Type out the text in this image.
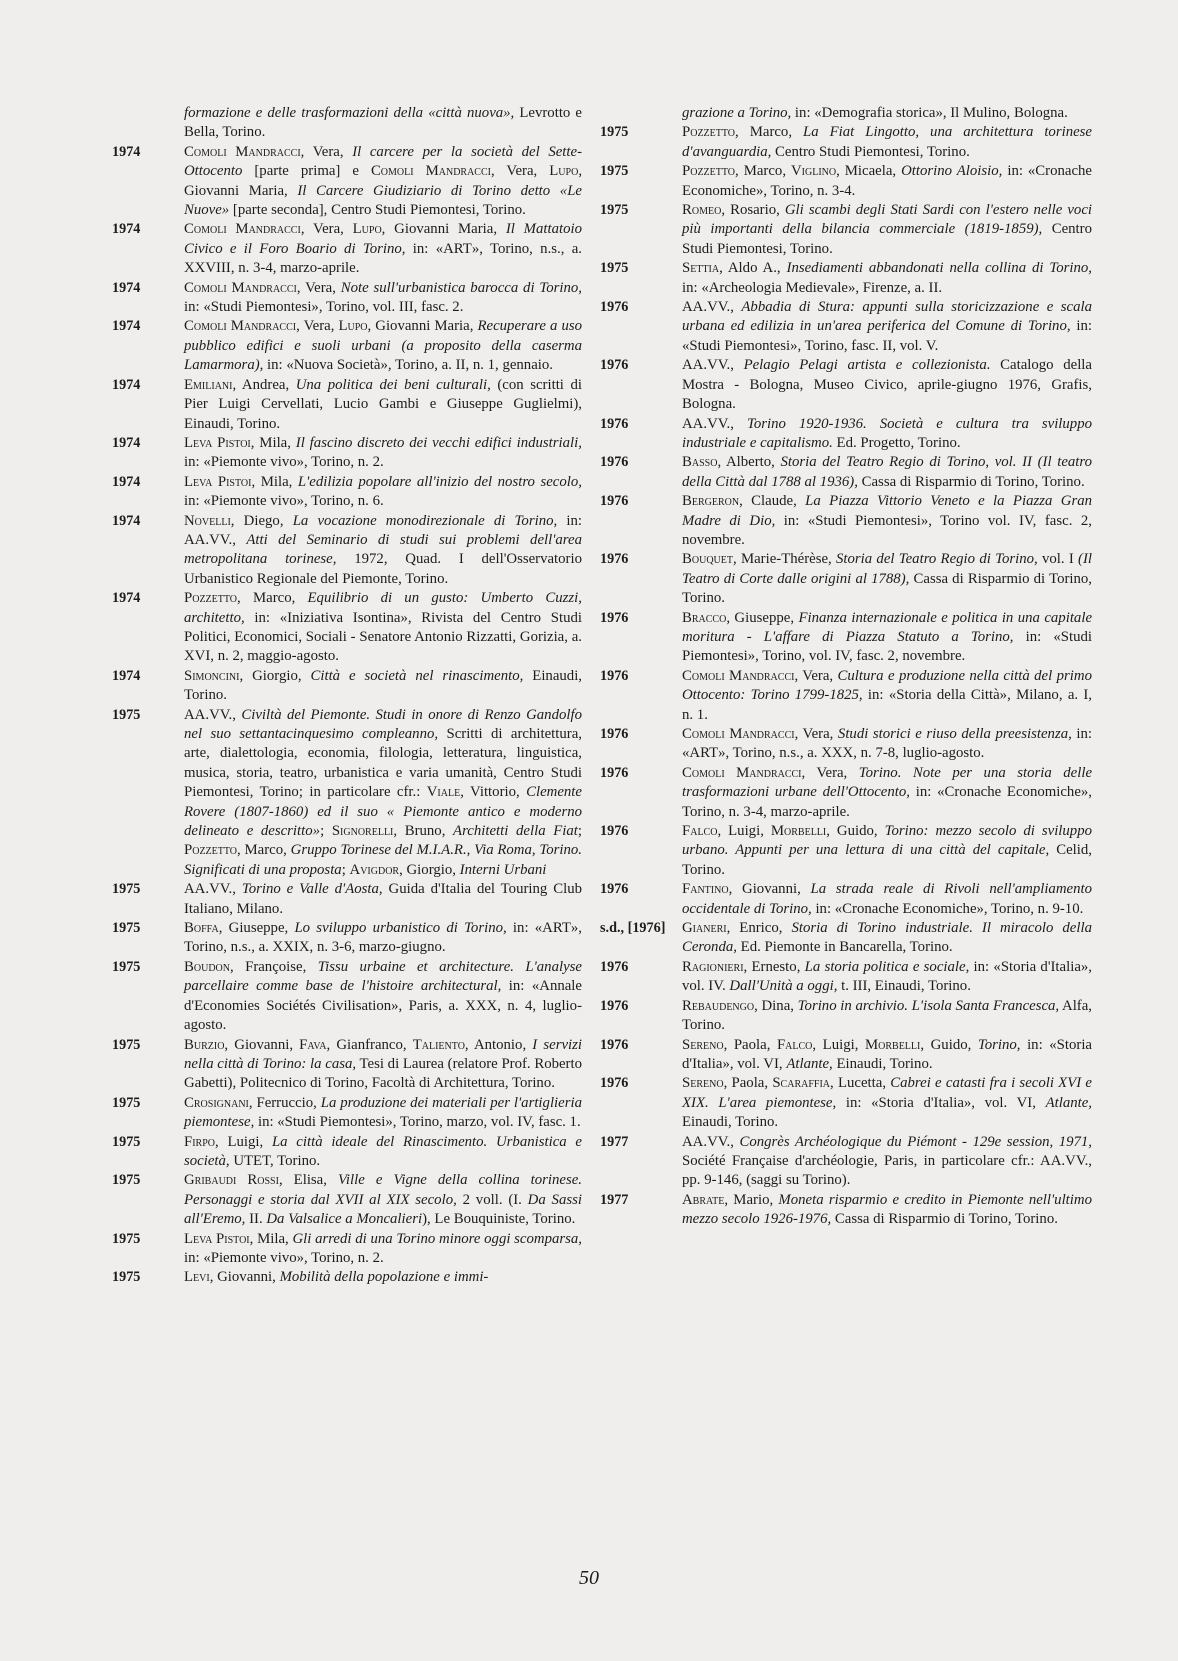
formazione e delle trasformazioni della «città nuova», Levrotto e Bella, Torino.
1974	Comoli Mandracci, Vera, Il carcere per la società del Sette-Ottocento [parte prima] e Comoli Mandracci, Vera, Lupo, Giovanni Maria, Il Carcere Giudiziario di Torino detto «Le Nuove» [parte seconda], Centro Studi Piemontesi, Torino.
1974	Comoli Mandracci, Vera, Lupo, Giovanni Maria, Il Mattatoio Civico e il Foro Boario di Torino, in: «ART», Torino, n.s., a. XXVIII, n. 3-4, marzo-aprile.
1974	Comoli Mandracci, Vera, Note sull'urbanistica barocca di Torino, in: «Studi Piemontesi», Torino, vol. III, fasc. 2.
1974	Comoli Mandracci, Vera, Lupo, Giovanni Maria, Recuperare a uso pubblico edifici e suoli urbani (a proposito della caserma Lamarmora), in: «Nuova Società», Torino, a. II, n. 1, gennaio.
1974	Emiliani, Andrea, Una politica dei beni culturali, (con scritti di Pier Luigi Cervellati, Lucio Gambi e Giuseppe Guglielmi), Einaudi, Torino.
1974	Leva Pistoi, Mila, Il fascino discreto dei vecchi edifici industriali, in: «Piemonte vivo», Torino, n. 2.
1974	Leva Pistoi, Mila, L'edilizia popolare all'inizio del nostro secolo, in: «Piemonte vivo», Torino, n. 6.
1974	Novelli, Diego, La vocazione monodirezionale di Torino, in: AA.VV., Atti del Seminario di studi sui problemi dell'area metropolitana torinese, 1972, Quad. I dell'Osservatorio Urbanistico Regionale del Piemonte, Torino.
1974	Pozzetto, Marco, Equilibrio di un gusto: Umberto Cuzzi, architetto, in: «Iniziativa Isontina», Rivista del Centro Studi Politici, Economici, Sociali - Senatore Antonio Rizzatti, Gorizia, a. XVI, n. 2, maggio-agosto.
1974	Simoncini, Giorgio, Città e società nel rinascimento, Einaudi, Torino.
1975	AA.VV., Civiltà del Piemonte. Studi in onore di Renzo Gandolfo nel suo settantacinquesimo compleanno, Scritti di architettura, arte, dialettologia, economia, filologia, letteratura, linguistica, musica, storia, teatro, urbanistica e varia umanità, Centro Studi Piemontesi, Torino; in particolare cfr.: Viale, Vittorio, Clemente Rovere (1807-1860) ed il suo « Piemonte antico e moderno delineato e descritto»; Signorelli, Bruno, Architetti della Fiat; Pozzetto, Marco, Gruppo Torinese del M.I.A.R., Via Roma, Torino. Significati di una proposta; Avigdor, Giorgio, Interni Urbani
1975	AA.VV., Torino e Valle d'Aosta, Guida d'Italia del Touring Club Italiano, Milano.
1975	Boffa, Giuseppe, Lo sviluppo urbanistico di Torino, in: «ART», Torino, n.s., a. XXIX, n. 3-6, marzo-giugno.
1975	Boudon, Françoise, Tissu urbaine et architecture. L'analyse parcellaire comme base de l'histoire architectural, in: «Annale d'Economies Sociétés Civilisation», Paris, a. XXX, n. 4, luglio-agosto.
1975	Burzio, Giovanni, Fava, Gianfranco, Taliento, Antonio, I servizi nella città di Torino: la casa, Tesi di Laurea (relatore Prof. Roberto Gabetti), Politecnico di Torino, Facoltà di Architettura, Torino.
1975	Crosignani, Ferruccio, La produzione dei materiali per l'artiglieria piemontese, in: «Studi Piemontesi», Torino, marzo, vol. IV, fasc. 1.
1975	Firpo, Luigi, La città ideale del Rinascimento. Urbanistica e società, UTET, Torino.
1975	Gribaudi Rossi, Elisa, Ville e Vigne della collina torinese. Personaggi e storia dal XVII al XIX secolo, 2 voll. (I. Da Sassi all'Eremo, II. Da Valsalice a Moncalieri), Le Bouquiniste, Torino.
1975	Leva Pistoi, Mila, Gli arredi di una Torino minore oggi scomparsa, in: «Piemonte vivo», Torino, n. 2.
1975	Levi, Giovanni, Mobilità della popolazione e immi-
grazione a Torino, in: «Demografia storica», Il Mulino, Bologna.
1975	Pozzetto, Marco, La Fiat Lingotto, una architettura torinese d'avanguardia, Centro Studi Piemontesi, Torino.
1975	Pozzetto, Marco, Viglino, Micaela, Ottorino Aloisio, in: «Cronache Economiche», Torino, n. 3-4.
1975	Romeo, Rosario, Gli scambi degli Stati Sardi con l'estero nelle voci più importanti della bilancia commerciale (1819-1859), Centro Studi Piemontesi, Torino.
1975	Settia, Aldo A., Insediamenti abbandonati nella collina di Torino, in: «Archeologia Medievale», Firenze, a. II.
1976	AA.VV., Abbadia di Stura: appunti sulla storicizzazione e scala urbana ed edilizia in un'area periferica del Comune di Torino, in: «Studi Piemontesi», Torino, fasc. II, vol. V.
1976	AA.VV., Pelagio Pelagi artista e collezionista. Catalogo della Mostra - Bologna, Museo Civico, aprile-giugno 1976, Grafis, Bologna.
1976	AA.VV., Torino 1920-1936. Società e cultura tra sviluppo industriale e capitalismo. Ed. Progetto, Torino.
1976	Basso, Alberto, Storia del Teatro Regio di Torino, vol. II (Il teatro della Città dal 1788 al 1936), Cassa di Risparmio di Torino, Torino.
1976	Bergeron, Claude, La Piazza Vittorio Veneto e la Piazza Gran Madre di Dio, in: «Studi Piemontesi», Torino vol. IV, fasc. 2, novembre.
1976	Bouquet, Marie-Thérèse, Storia del Teatro Regio di Torino, vol. I (Il Teatro di Corte dalle origini al 1788), Cassa di Risparmio di Torino, Torino.
1976	Bracco, Giuseppe, Finanza internazionale e politica in una capitale moritura - L'affare di Piazza Statuto a Torino, in: «Studi Piemontesi», Torino, vol. IV, fasc. 2, novembre.
1976	Comoli Mandracci, Vera, Cultura e produzione nella città del primo Ottocento: Torino 1799-1825, in: «Storia della Città», Milano, a. I, n. 1.
1976	Comoli Mandracci, Vera, Studi storici e riuso della preesistenza, in: «ART», Torino, n.s., a. XXX, n. 7-8, luglio-agosto.
1976	Comoli Mandracci, Vera, Torino. Note per una storia delle trasformazioni urbane dell'Ottocento, in: «Cronache Economiche», Torino, n. 3-4, marzo-aprile.
1976	Falco, Luigi, Morbelli, Guido, Torino: mezzo secolo di sviluppo urbano. Appunti per una lettura di una città del capitale, Celid, Torino.
1976	Fantino, Giovanni, La strada reale di Rivoli nell'ampliamento occidentale di Torino, in: «Cronache Economiche», Torino, n. 9-10.
s.d., [1976]	Gianeri, Enrico, Storia di Torino industriale. Il miracolo della Ceronda, Ed. Piemonte in Bancarella, Torino.
1976	Ragionieri, Ernesto, La storia politica e sociale, in: «Storia d'Italia», vol. IV. Dall'Unità a oggi, t. III, Einaudi, Torino.
1976	Rebaudengo, Dina, Torino in archivio. L'isola Santa Francesca, Alfa, Torino.
1976	Sereno, Paola, Falco, Luigi, Morbelli, Guido, Torino, in: «Storia d'Italia», vol. VI, Atlante, Einaudi, Torino.
1976	Sereno, Paola, Scaraffia, Lucetta, Cabrei e catasti fra i secoli XVI e XIX. L'area piemontese, in: «Storia d'Italia», vol. VI, Atlante, Einaudi, Torino.
1977	AA.VV., Congrès Archéologique du Piémont - 129e session, 1971, Société Française d'archéologie, Paris, in particolare cfr.: AA.VV., pp. 9-146, (saggi su Torino).
1977	Abrate, Mario, Moneta risparmio e credito in Piemonte nell'ultimo mezzo secolo 1926-1976, Cassa di Risparmio di Torino, Torino.
50
